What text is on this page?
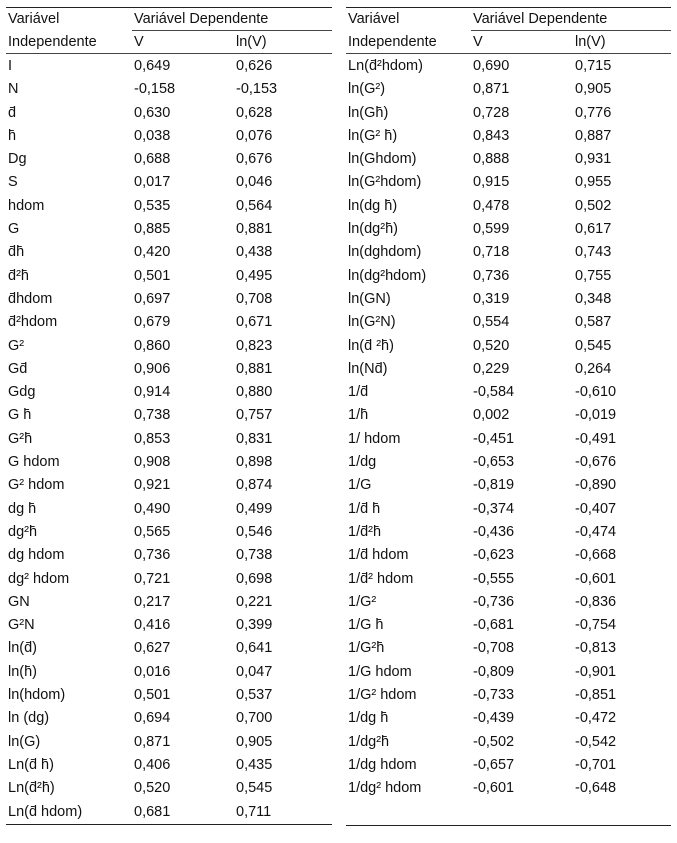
Variável	Variável Dependente
Independente	V	ln(V)
I	0,649	0,626
N	-0,158	-0,153
d̄	0,630	0,628
h̄	0,038	0,076
Dg	0,688	0,676
S	0,017	0,046
hdom	0,535	0,564
G	0,885	0,881
d̄h̄	0,420	0,438
d̄²h̄	0,501	0,495
d̄hdom	0,697	0,708
d̄²hdom	0,679	0,671
G²	0,860	0,823
Gd̄	0,906	0,881
Gdg	0,914	0,880
G h̄	0,738	0,757
G²h̄	0,853	0,831
G hdom	0,908	0,898
G² hdom	0,921	0,874
dg h̄	0,490	0,499
dg²h̄	0,565	0,546
dg hdom	0,736	0,738
dg² hdom	0,721	0,698
GN	0,217	0,221
G²N	0,416	0,399
ln(d̄)	0,627	0,641
ln(h̄)	0,016	0,047
ln(hdom)	0,501	0,537
ln (dg)	0,694	0,700
ln(G)	0,871	0,905
Ln(d̄ h̄)	0,406	0,435
Ln(d̄²h̄)	0,520	0,545
Ln(d̄ hdom)	0,681	0,711
Variável	Variável Dependente
Independente	V	ln(V)
Ln(d̄²hdom)	0,690	0,715
ln(G²)	0,871	0,905
ln(Gh̄)	0,728	0,776
ln(G² h̄)	0,843	0,887
ln(Ghdom)	0,888	0,931
ln(G²hdom)	0,915	0,955
ln(dg h̄)	0,478	0,502
ln(dg²h̄)	0,599	0,617
ln(dghdom)	0,718	0,743
ln(dg²hdom)	0,736	0,755
ln(GN)	0,319	0,348
ln(G²N)	0,554	0,587
ln(d̄ ²h̄)	0,520	0,545
ln(Nd̄)	0,229	0,264
1/d̄	-0,584	-0,610
1/h̄	0,002	-0,019
1/ hdom	-0,451	-0,491
1/dg	-0,653	-0,676
1/G	-0,819	-0,890
1/d̄ h̄	-0,374	-0,407
1/d̄²h̄	-0,436	-0,474
1/d̄ hdom	-0,623	-0,668
1/d̄² hdom	-0,555	-0,601
1/G²	-0,736	-0,836
1/G h̄	-0,681	-0,754
1/G²h̄	-0,708	-0,813
1/G hdom	-0,809	-0,901
1/G² hdom	-0,733	-0,851
1/dg h̄	-0,439	-0,472
1/dg²h̄	-0,502	-0,542
1/dg hdom	-0,657	-0,701
1/dg² hdom	-0,601	-0,648
